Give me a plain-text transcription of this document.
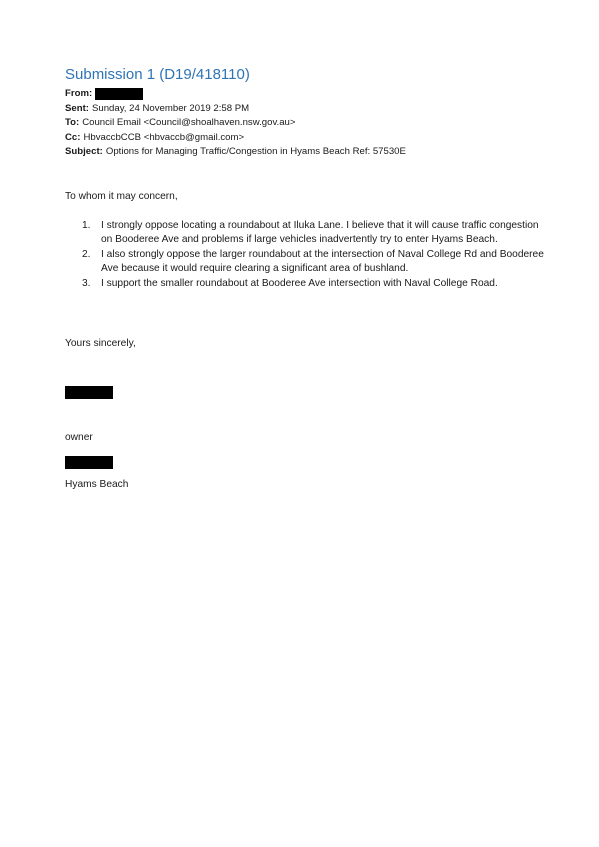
Submission 1 (D19/418110)
From:
Sent: Sunday, 24 November 2019 2:58 PM
To: Council Email <Council@shoalhaven.nsw.gov.au>
Cc: HbvaccbCCB <hbvaccb@gmail.com>
Subject: Options for Managing Traffic/Congestion in Hyams Beach Ref: 57530E

To whom it may concern,

1. I strongly oppose locating a roundabout at Iluka Lane. I believe that it will cause traffic congestion on Booderee Ave and problems if large vehicles inadvertently try to enter Hyams Beach.
2. I also strongly oppose the larger roundabout at the intersection of Naval College Rd and Booderee Ave because it would require clearing a significant area of bushland.
3. I support the smaller roundabout at Booderee Ave intersection with Naval College Road.
Yours sincerely,
owner
Hyams Beach
